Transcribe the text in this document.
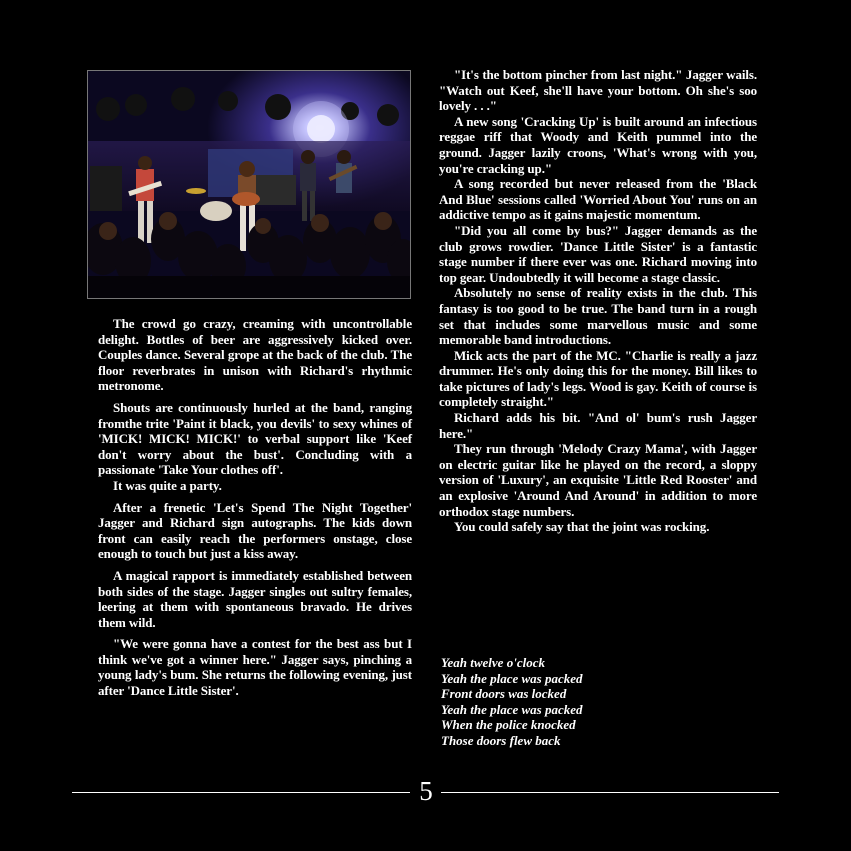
The crowd go crazy, creaming with uncontrollable delight. Bottles of beer are aggressively kicked over. Couples dance. Several grope at the back of the club. The floor reverbrates in unison with Richard's rhythmic metronome.

Shouts are continuously hurled at the band, ranging fromthe trite 'Paint it black, you devils' to sexy whines of 'MICK! MICK! MICK!' to verbal support like 'Keef don't worry about the bust'. Concluding with a passionate 'Take Your clothes off'.

It was quite a party.

After a frenetic 'Let's Spend The Night Together' Jagger and Richard sign autographs. The kids down front can easily reach the performers onstage, close enough to touch but just a kiss away.

A magical rapport is immediately established between both sides of the stage. Jagger singles out sultry females, leering at them with spontaneous bravado. He drives them wild.

"We were gonna have a contest for the best ass but I think we've got a winner here." Jagger says, pinching a young lady's bum. She returns the following evening, just after 'Dance Little Sister'.

"It's the bottom pincher from last night." Jagger wails. "Watch out Keef, she'll have your bottom. Oh she's soo lovely . . ."

A new song 'Cracking Up' is built around an infectious reggae riff that Woody and Keith pummel into the ground. Jagger lazily croons, 'What's wrong with you, you're cracking up."

A song recorded but never released from the 'Black And Blue' sessions called 'Worried About You' runs on an addictive tempo as it gains majestic momentum.

"Did you all come by bus?" Jagger demands as the club grows rowdier. 'Dance Little Sister' is a fantastic stage number if there ever was one. Richard moving into top gear. Undoubtedly it will become a stage classic.

Absolutely no sense of reality exists in the club. This fantasy is too good to be true. The band turn in a rough set that includes some marvellous music and some memorable band introductions.

Mick acts the part of the MC. "Charlie is really a jazz drummer. He's only doing this for the money. Bill likes to take pictures of lady's legs. Wood is gay. Keith of course is completely straight."

Richard adds his bit. "And ol' bum's rush Jagger here."

They run through 'Melody Crazy Mama', with Jagger on electric guitar like he played on the record, a sloppy version of 'Luxury', an exquisite 'Little Red Rooster' and an explosive 'Around And Around' in addition to more orthodox stage numbers.

You could safely say that the joint was rocking.

Yeah twelve o'clock
Yeah the place was packed
Front doors was locked
Yeah the place was packed
When the police knocked
Those doors flew back
5
